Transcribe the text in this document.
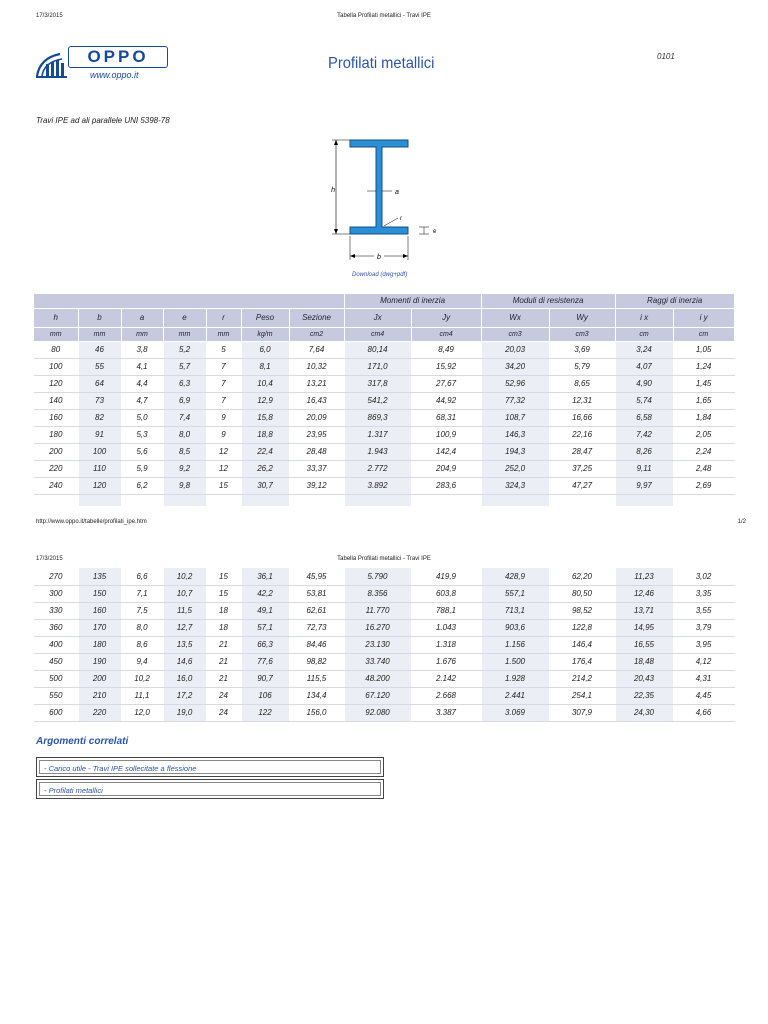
17/3/2015	Tabella Profilati metallici - Travi IPE
OPPO
www.oppo.it
Profilati metallici	0101
Travi IPE ad ali parallele UNI 5398-78
h	a
r
e
b
Download (dwg+pdf)
							Momenti di inerzia		Moduli di resistenza		Raggi di inerzia	
h	b	a	e	r	Peso	Sezione	Jx	Jy	Wx	Wy	i x	i y
mm	mm	mm	mm	mm	kg/m	cm2	cm4	cm4	cm3	cm3	cm	cm
80	46	3,8	5,2	5	6,0	7,64	80,14	8,49	20,03	3,69	3,24	1,05
100	55	4,1	5,7	7	8,1	10,32	171,0	15,92	34,20	5,79	4,07	1,24
120	64	4,4	6,3	7	10,4	13,21	317,8	27,67	52,96	8,65	4,90	1,45
140	73	4,7	6,9	7	12,9	16,43	541,2	44,92	77,32	12,31	5,74	1,65
160	82	5,0	7,4	9	15,8	20,09	869,3	68,31	108,7	16,66	6,58	1,84
180	91	5,3	8,0	9	18,8	23,95	1.317	100,9	146,3	22,16	7,42	2,05
200	100	5,6	8,5	12	22,4	28,48	1.943	142,4	194,3	28,47	8,26	2,24
220	110	5,9	9,2	12	26,2	33,37	2.772	204,9	252,0	37,25	9,11	2,48
240	120	6,2	9,8	15	30,7	39,12	3.892	283,6	324,3	47,27	9,97	2,69

http://www.oppo.it/tabelle/profilati_ipe.htm	1/2
17/3/2015	Tabella Profilati metallici - Travi IPE
270	135	6,6	10,2	15	36,1	45,95	5.790	419,9	428,9	62,20	11,23	3,02
300	150	7,1	10,7	15	42,2	53,81	8.356	603,8	557,1	80,50	12,46	3,35
330	160	7,5	11,5	18	49,1	62,61	11.770	788,1	713,1	98,52	13,71	3,55
360	170	8,0	12,7	18	57,1	72,73	16.270	1.043	903,6	122,8	14,95	3,79
400	180	8,6	13,5	21	66,3	84,46	23.130	1.318	1.156	146,4	16,55	3,95
450	190	9,4	14,6	21	77,6	98,82	33.740	1.676	1.500	176,4	18,48	4,12
500	200	10,2	16,0	21	90,7	115,5	48.200	2.142	1.928	214,2	20,43	4,31
550	210	11,1	17,2	24	106	134,4	67.120	2.668	2.441	254,1	22,35	4,45
600	220	12,0	19,0	24	122	156,0	92.080	3.387	3.069	307,9	24,30	4,66
Argomenti correlati
- Carico utile - Travi IPE sollecitate a flessione
- Profilati metallici
